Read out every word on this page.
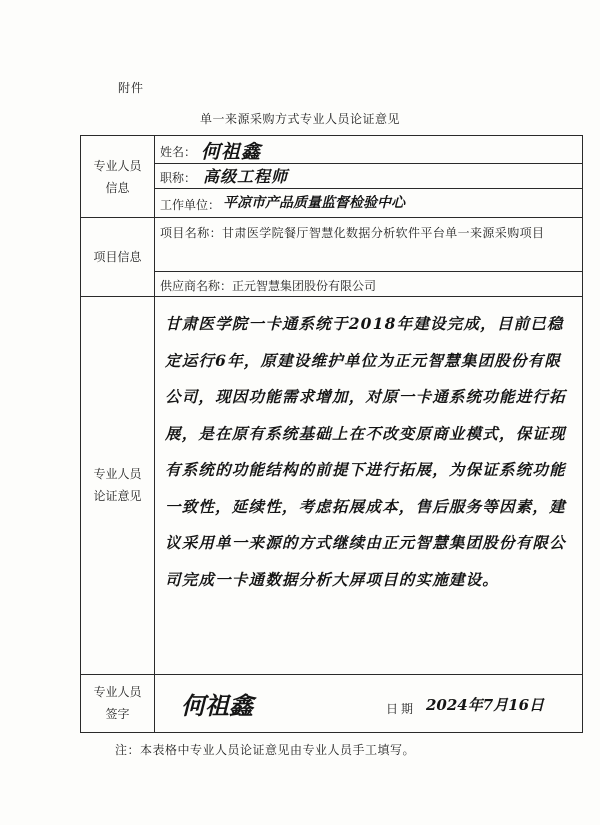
附件
单一来源采购方式专业人员论证意见
专业人员信息
姓名： 何祖鑫
职称： 高级工程师
工作单位： 平凉市产品质量监督检验中心
项目信息
项目名称：甘肃医学院餐厅智慧化数据分析软件平台单一来源采购项目
供应商名称：正元智慧集团股份有限公司
专业人员论证意见
甘肃医学院一卡通系统于2018年建设完成，目前已稳定运行6年，原建设维护单位为正元智慧集团股份有限公司，现因功能需求增加，对原一卡通系统功能进行拓展，是在原有系统基础上在不改变原商业模式，保证现有系统的功能结构的前提下进行拓展，为保证系统功能一致性，延续性，考虑拓展成本，售后服务等因素，建议采用单一来源的方式继续由正元智慧集团股份有限公司完成一卡通数据分析大屏项目的实施建设。
专业人员签字	何祖鑫	日期 2024年7月16日
注：本表格中专业人员论证意见由专业人员手工填写。
